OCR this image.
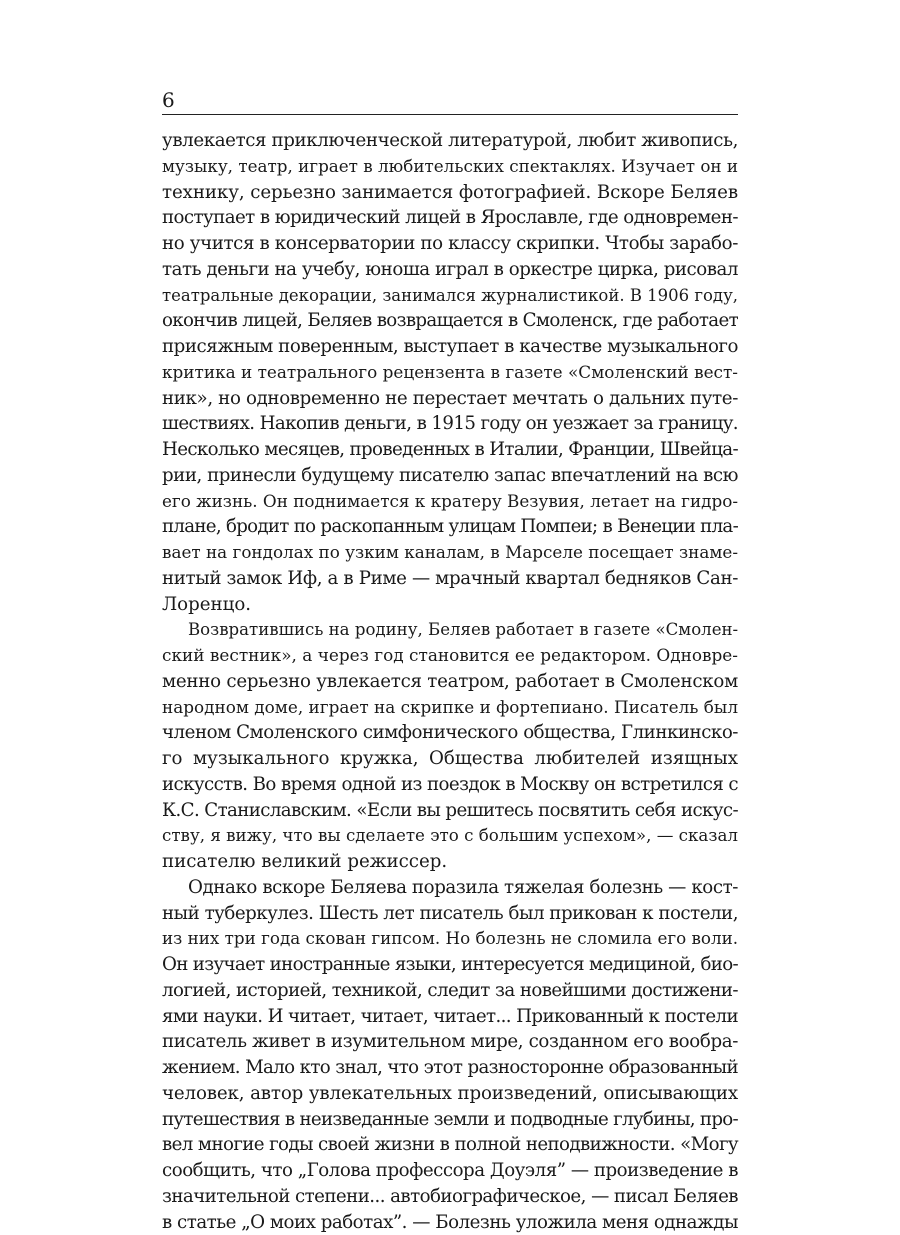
6
увлекается приключенческой литературой, любит живопись,
музыку, театр, играет в любительских спектаклях. Изучает он и
технику, серьезно занимается фотографией. Вскоре Беляев
поступает в юридический лицей в Ярославле, где одновремен-
но учится в консерватории по классу скрипки. Чтобы зарабо-
тать деньги на учебу, юноша играл в оркестре цирка, рисовал
театральные декорации, занимался журналистикой. В 1906 году,
окончив лицей, Беляев возвращается в Смоленск, где работает
присяжным поверенным, выступает в качестве музыкального
критика и театрального рецензента в газете «Смоленский вест-
ник», но одновременно не перестает мечтать о дальних путе-
шествиях. Накопив деньги, в 1915 году он уезжает за границу.
Несколько месяцев, проведенных в Италии, Франции, Швейца-
рии, принесли будущему писателю запас впечатлений на всю
его жизнь. Он поднимается к кратеру Везувия, летает на гидро-
плане, бродит по раскопанным улицам Помпеи; в Венеции пла-
вает на гондолах по узким каналам, в Марселе посещает знаме-
нитый замок Иф, а в Риме — мрачный квартал бедняков Сан-
Лоренцо.
Возвратившись на родину, Беляев работает в газете «Смолен-
ский вестник», а через год становится ее редактором. Одновре-
менно серьезно увлекается театром, работает в Смоленском
народном доме, играет на скрипке и фортепиано. Писатель был
членом Смоленского симфонического общества, Глинкинско-
го музыкального кружка, Общества любителей изящных
искусств. Во время одной из поездок в Москву он встретился с
К.С. Станиславским. «Если вы решитесь посвятить себя искус-
ству, я вижу, что вы сделаете это с большим успехом», — сказал
писателю великий режиссер.
Однако вскоре Беляева поразила тяжелая болезнь — кост-
ный туберкулез. Шесть лет писатель был прикован к постели,
из них три года скован гипсом. Но болезнь не сломила его воли.
Он изучает иностранные языки, интересуется медициной, био-
логией, историей, техникой, следит за новейшими достижени-
ями науки. И читает, читает, читает... Прикованный к постели
писатель живет в изумительном мире, созданном его вообра-
жением. Мало кто знал, что этот разносторонне образованный
человек, автор увлекательных произведений, описывающих
путешествия в неизведанные земли и подводные глубины, про-
вел многие годы своей жизни в полной неподвижности. «Могу
сообщить, что „Голова профессора Доуэля” — произведение в
значительной степени... автобиографическое, — писал Беляев
в статье „О моих работах”. — Болезнь уложила меня однажды
